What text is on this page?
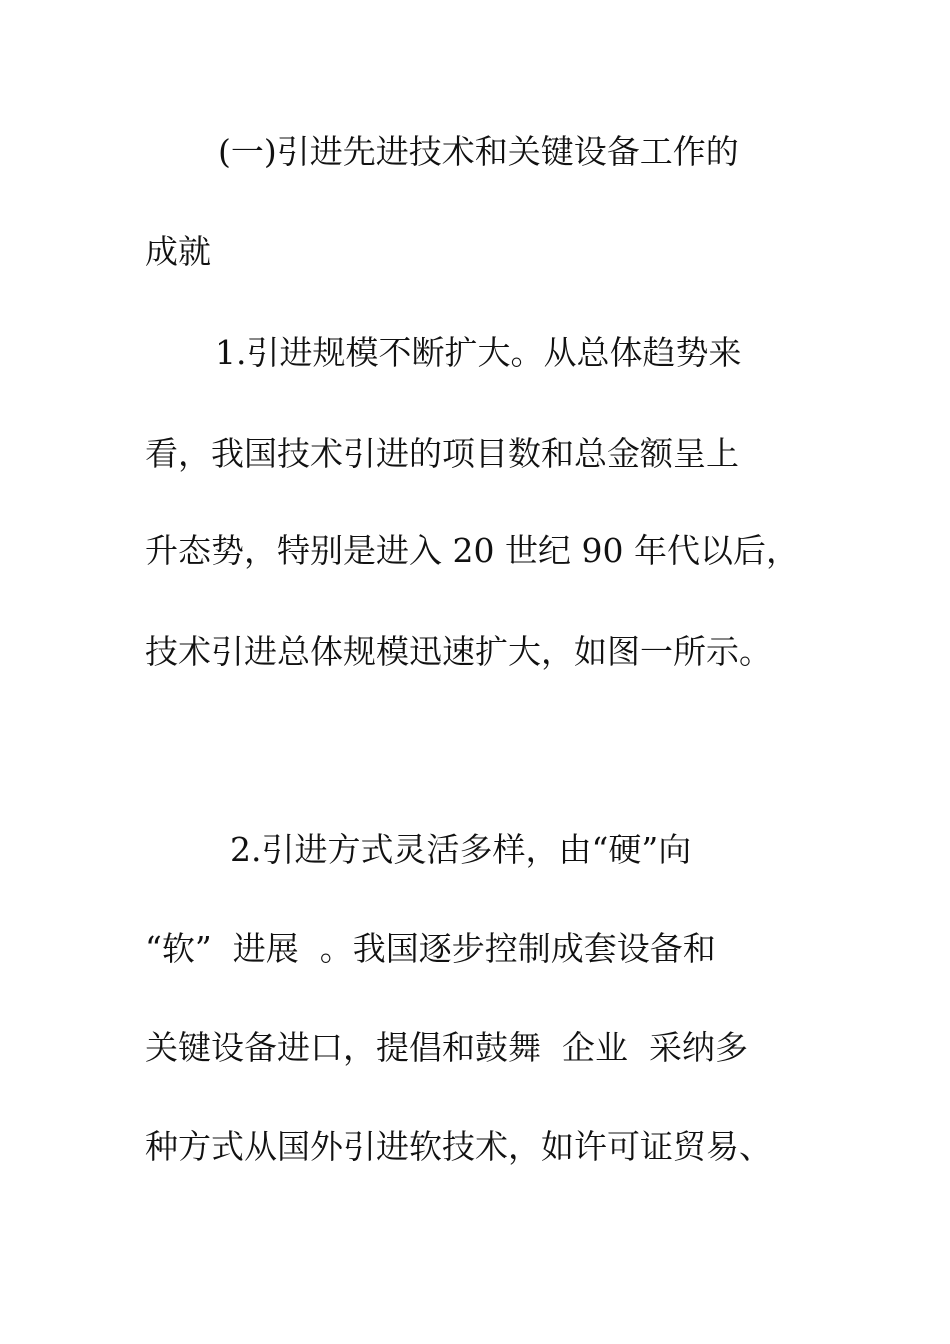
(一)引进先进技术和关键设备工作的

成就

1.引进规模不断扩大。从总体趋势来

看，我国技术引进的项目数和总金额呈上

升态势，特别是进入 20 世纪 90 年代以后，

技术引进总体规模迅速扩大，如图一所示。

2.引进方式灵活多样，由“硬”向

“软”  进展  。我国逐步控制成套设备和

关键设备进口，提倡和鼓舞  企业  采纳多

种方式从国外引进软技术，如许可证贸易、
